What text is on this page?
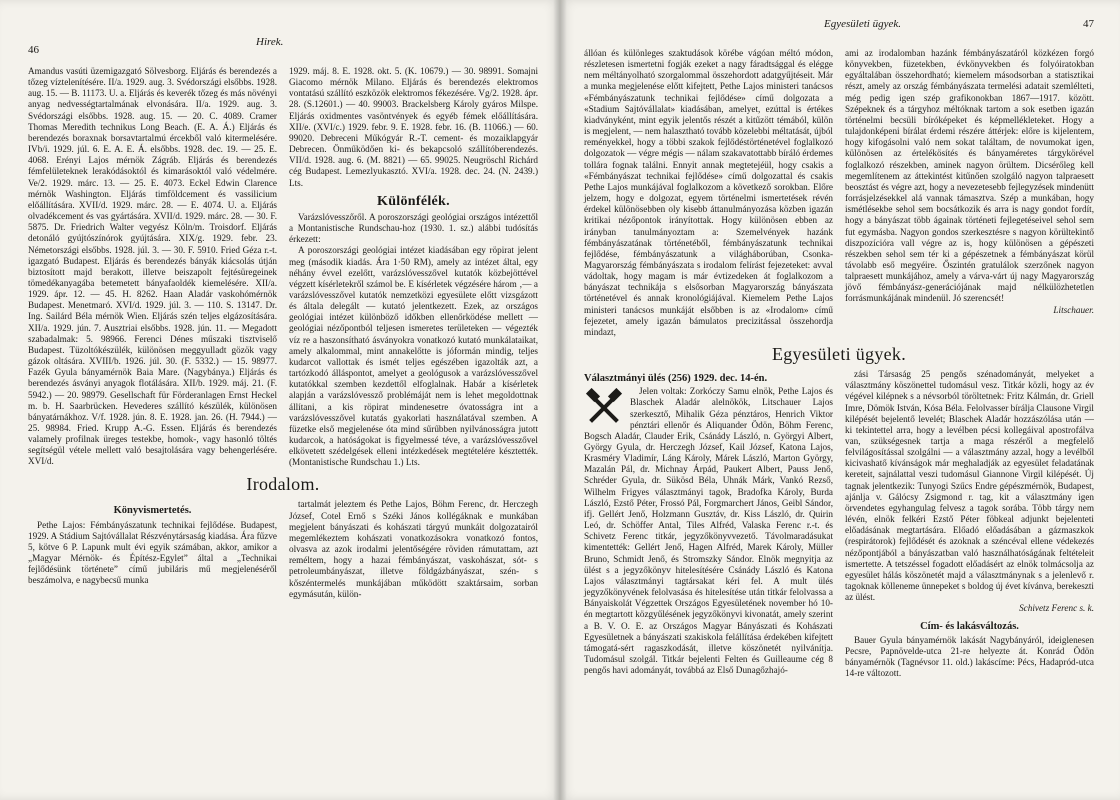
46
Hirek.

Amandus vasúti üzemigazgató Sölvesborg. Eljárás és berendezés a tőzeg víztelenítésére. II/a. 1929. aug. 3. Svédországi elsőbbs. 1928. aug. 15. — B. 11173. U. a. Eljárás és keverék tőzeg és más növényi anyag nedvességtartalmának elvonására. II/a. 1929. aug. 3. Svédországi elsőbbs. 1928. aug. 15. — 20. C. 4089. Cramer Thomas Meredith technikus Long Beach. (E. A. Á.) Eljárás és berendezés boraxnak borsavtartalmú ércekből való kitermelésére. IVb/i. 1929. júl. 6. E. A. E. Á. elsőbbs. 1928. dec. 19. — 25. E. 4068. Erényi Lajos mérnök Zágráb. Eljárás és berendezés fémfelületeknek lerakódásoktól és kimarásoktól való védelmére. Ve/2. 1929. márc. 13. — 25. E. 4073. Eckel Edwin Clarence mérnök Washington. Eljárás timföldcement és vassilicium előállítására. XVII/d. 1929. márc. 28. — E. 4074. U. a. Eljárás olvadékcement és vas gyártására. XVII/d. 1929. márc. 28. — 30. F. 5875. Dr. Friedrich Walter vegyész Köln/m. Troisdorf. Eljárás detonáló gyújtószínórok gyújtására. XIX/g. 1929. febr. 23. Németországi elsőbbs. 1928. júl. 3. — 30. F. 5910. Fried Géza r.-t. igazgató Budapest. Eljárás és berendezés bányák kiácsolás útján biztosított majd berakott, illetve beiszapolt fejtésüregeinek tömedékanyagába betemetett bányafaoldék kiemelésére. XII/a. 1929. ápr. 12. — 45. H. 8262. Haan Aladár vaskohómérnök Budapest. Menetmaró. XVI/d. 1929. júl. 3. — 110. S. 13147. Dr. Ing. Sailárd Béla mérnök Wien. Eljárás szén teljes elgázosítására. XII/a. 1929. jún. 7. Ausztriai elsőbbs. 1928. jún. 11. — Megadott szabadalmak: 5. 98966. Ferenci Dénes műszaki tisztviselő Budapest. Tüzoltókészülék, különösen meggyulladt gözök vagy gázok oltására. XVIII/b. 1926. júl. 30. (F. 5332.) — 15. 98977. Fazék Gyula bányamérnök Baia Mare. (Nagybánya.) Eljárás és berendezés ásványi anyagok flotálására. XII/b. 1929. máj. 21. (F. 5942.) — 20. 98979. Gesellschaft für Förderanlagen Ernst Heckel m. b. H. Saarbrücken. Hevederes szállító készülék, különösen bányatárnákhoz. V/f. 1928. jún. 8. E. 1928. jan. 26. (H. 7944.) — 25. 98984. Fried. Krupp A.-G. Essen. Eljárás és berendezés valamely profilnak üreges testekbe, homok-, vagy hasonló töltés segítségül vétele mellett való besajtolására vagy behengerlésére. XVI/d.

1929. máj. 8. E. 1928. okt. 5. (K. 10679.) — 30. 98991. Somajni Giacomo mérnök Milano. Eljárás és berendezés elektromos vontatású szállító eszközök elektromos fékezésére. Vg/2. 1928. ápr. 28. (S.12601.) — 40. 99003. Brackelsberg Károly gyáros Milspe. Eljárás oxidmentes vasöntvények és egyéb fémek előállítására. XII/e. (XVI/c.) 1929. febr. 9. E. 1928. febr. 16. (B. 11066.) — 60. 99020. Debreceni Műkógyár R.-T. cement- és mozaiklapgyár Debrecen. Önműködően ki- és bekapcsoló szállítóberendezés. VII/d. 1928. aug. 6. (M. 8821) — 65. 99025. Neugröschl Richárd cég Budapest. Lemezlyukasztó. XVI/a. 1928. dec. 24. (N. 2439.) Lts.

Különfélék.

Varázslóvesszőről. A poroszországi geológiai országos intézettől a Montanistische Rundschau-hoz (1930. 1. sz.) alábbi tudósítás érkezett:

A poroszországi geológiai intézet kiadásában egy röpirat jelent meg (második kiadás. Ára 1·50 RM), amely az intézet által, egy néhány évvel ezelőtt, varázslóvesszővel kutatók közbejöttével végzett kísérletekről számol be. E kísérletek végzésére három ‚— a varázslóvesszővel kutatók nemzetközi egyesülete előtt vizsgázott és általa delegált — kutató jelentkezett. Ezek, az országos geológiai intézet különböző időkben ellenőrködése mellett — geológiai nézőpontból teljesen ismeretes területeken — végezték víz re a haszonsítható ásványokra vonatkozó kutató munkálataikat, amely alkalommal, mint annakelőtte is jóformán mindig, teljes kudarcot vallottak és ismét teljes egészében igazolták azt, a tartózkodó álláspontot, amelyet a geológusok a varázslóvesszővel kutatókkal szemben kezdettől elfoglalnak. Habár a kísérletek alapján a varázslóvessző problémáját nem is lehet megoldottnak állítani, a kis röpirat mindenesetre óvatosságra int a varázslóvesszővel kutatás gyakorlati használatával szemben. A füzetke első megjelenése óta mind sűrűbben nyilvánosságra jutott kudarcok, a hatóságokat is figyelmessé téve, a varázslóvesszővel elkövetett szédelgések elleni intézkedések megtételére késztették. (Montanistische Rundschau 1.) Lts.

Irodalom.
Könyvismertetés.

Pethe Lajos: Fémbányászatunk technikai fejlődése. Budapest, 1929. A Stádium Sajtóvállalat Részvénytársaság kiadása. Ára fűzve 5, kötve 6 P. Lapunk mult évi egyik számában, akkor, amikor a „Magyar Mérnök- és Építész-Egylet” által a „Technikai fejlődésünk története” című jubiláris mű megjelenéséről beszámolva, e nagybecsű munka

tartalmát jeleztem és Pethe Lajos, Böhm Ferenc, dr. Herczegh József, Cotel Ernő s Széki János kollégáknak e munkában megjelent bányászati és kohászati tárgyú munkáit dolgozatairól megemlékeztem kohászati vonatkozásokra vonatkozó fontos, olvasva az azok irodalmi jelentőségére röviden rámutattam, azt reméltem, hogy a hazai fémbányászat, vaskohászat, sót- s petroleumbányászat, illetve földgázbányászat, szén- s kőszéntermelés munkájában működött szaktársaim, sorban egymásután, külön-

Egyesületi ügyek.	47

állóan és különleges szaktudások körébe vágóan méltó módon, részletesen ismertetni fogják ezeket a nagy fáradtsággal és elégge nem méltányolható szorgalommal összehordott adatgyűjtéseit. Már a munka megjelenése előtt kifejtett, Pethe Lajos ministeri tanácsos «Fémbányászatunk technikai fejlődése» című dolgozata a «Stadium Sajtóvállalat» kiadásában, amelyet, ezúttal is értékes kiadványként, mint egyik jelentős részét a kitűzött témából, külön is megjelent, — nem halasztható tovább közelebbi méltatását, újból reményekkel, hogy a többi szakok fejlődéstörténetével foglalkozó dolgozatok — végre mégis — nálam szakavatottabb bíráló érdemes tollára fognak találni. Ennyit annak megtetejéül, hogy csakis a «Fémbányászat technikai fejlődése» című dolgozattal és csakis Pethe Lajos munkájával foglalkozom a következő sorokban. Előre jelzem, hogy e dolgozat, egyem történelmi ismertetések révén érdekel különösebben oly kisebb áttanulmányozása közben igazán kritikai nézőpontok irányítottak. Hogy különösen ebben az irányban tanulmányoztam a: Szemelvények hazánk fémbányászatának történetéből, fémbányászatunk technikai fejlődése, fémbányászatunk a világháborúban, Csonka-Magyarország fémbányászata s irodalom felírást fejezeteket: avval vádoltak, hogy magam is már évtizedeken át foglalkozom a bányászat technikája s elsősorban Magyarország bányászata történetével és annak kronológiájával. Kiemelem Pethe Lajos ministeri tanácsos munkáját elsőbben is az «Irodalom» című fejezetet, amely igazán bámulatos precizitással összehordja mindazt,

ami az irodalomban hazánk fémbányászatáról közkézen forgó könyvekben, füzetekben, évkönyvekben és folyóiratokban egyáltalában összehordható; kiemelem másodsorban a statisztikai részt, amely az ország fémbányászata termelési adatait szemlélteti, még pedig igen szép grafikonokban 1867—1917. között. Szépeknek és a tárgyhoz méltóknak tartom a sok esetben igazán történelmi becsüli bíróképeket és képmellékleteket. Hogy a tulajdonképeni bírálat érdemi részére áttérjek: előre is kijelentem, hogy kifogásolni való nem sokat találtam, de novumokat igen, különösen az értelékösítés és bányaméretes tárgykörével foglalkozó részekben, aminek nagyon örültem. Dicsérőleg kell megemlítenem az áttekintést kitűnően szolgáló nagyon talpraesett beosztást és végre azt, hogy a nevezetesebb fejlegyzések mindenütt forrásjelzésekkel alá vannak támasztva. Szép a munkában, hogy ismétlésekbe sehol sem bocsátkozik és arra is nagy gondot fordít, hogy a bányászat több ágainak történeti fejlegetéseivel sehol sem fut egymásba. Nagyon gondos szerkesztésre s nagyon körültekintő diszpozícióra vall végre az is, hogy különösen a gépészeti részekben sehol sem tér ki a gépészetnek a fémbányászat körül távolabb eső megyéire. Őszintén gratulálok szerzőnek nagyon talpraesett munkájához, amely a várva-várt új nagy Magyarország jövő fémbányász-generációjának majd nélkülözhetetlen forrásmunkájának mindenül. Jó szerencsét!

Litschauer.

Egyesületi ügyek.
Választmányi ülés (256) 1929. dec. 14-én.

Jelen voltak: Zorkóczy Samu elnök, Pethe Lajos és Blaschek Aladár alelnökök, Litschauer Lajos szerkesztő, Mihalik Géza pénztáros, Henrich Viktor pénztári ellenőr és Aliquander Ödön, Böhm Ferenc, Bogsch Aladár, Clauder Erik, Csánády László, n. Györgyi Albert, György Gyula, dr. Herczegh József, Kail József, Katona Lajos, Krasméry Vladimír, Láng Károly, Márek László, Marton György, Mazalán Pál, dr. Michnay Árpád, Paukert Albert, Pauss Jenő, Schréder Gyula, dr. Sükösd Béla, Uhnák Márk, Vankó Rezső, Wilhelm Frigyes választmányi tagok, Bradofka Károly, Burda László, Ezstő Péter, Frossó Pál, Forgmarchert János, Geibl Sándor, ifj. Gellért Jenő, Holzmann Gusztáv, dr. Kiss László, dr. Quirin Leó, dr. Schöffer Antal, Tiles Alfréd, Valaska Ferenc r.-t. és Schivetz Ferenc titkár, jegyzőkönyvvezető. Távolmaradásukat kimentették: Gellért Jenő, Hagen Alfréd, Marek Károly, Müller Bruno, Schmidt Jenő, és Stromszky Sándor. Elnök megnyitja az ülést s a jegyzőkönyv hitelesítésére Csánády László és Katona Lajos választmányi tagtársakat kéri fel. A mult ülés jegyzőkönyvének felolvasása és hitelesítése után titkár felolvassa a Bányaiskolát Végzettek Országos Egyesületének november hó 10-én megtartott közgyűlésének jegyzőkönyvi kivonatát, amely szerint a B. V. O. E. az Országos Magyar Bányászati és Kohászati Egyesületnek a bányászati szakiskola felállítása érdekében kifejtett támogatá-sért ragaszkodását, illetve köszönetét nyilvánítja. Tudomásul szolgál. Titkár bejelenti Felten és Guilleaume cég 8 pengős havi adományát, továbbá az Első Dunagőzhajó-

zási Társaság 25 pengős szénadományát, melyeket a választmány köszönettel tudomásul vesz. Titkár közli, hogy az év végével kilépnek s a névsorból töröltetnek: Fritz Kálmán, dr. Griell Imre, Dömök István, Kósa Béla. Felolvasser bírálja Clausone Virgil kilépését bejelentő levelét; Blaschek Aladár hozzászólása után — ki tekintettel arra, hogy a levélben pécsi kollegáival apostrofálva van, szükségesnek tartja a maga részéről a megfelelő felvilágosítással szolgálni — a választmány azzal, hogy a levélből kicivashatő kívánságok már meghaladják az egyesület feladatának kereteit, sajnálattal veszi tudomásul Giannone Virgil kilépését. Új tagnak jelentkezik: Tunyogi Szűcs Endre gépészmérnök, Budapest, ajánlja v. Gálócsy Zsigmond r. tag, kit a választmány igen örvendetes egyhangulag felvesz a tagok sorába. Több tárgy nem lévén, elnök felkéri Ezstő Péter föbkeal adjunkt bejelenteti előadásának megtartására. Előadó előadásában a gázmaszkok (respirátorok) fejlődését és azoknak a széncéval ellene védekezés nézőpontjából a bányászatban való használhatóságának feltételeit ismertette. A tetszéssel fogadott előadásért az elnök tolmácsolja az egyesület hálás köszönetét majd a választmánynak s a jelenlevő r. tagoknak kölleneme ünnepeket s boldog új évet kívánva, berekeszti az ülést.

Schivetz Ferenc s. k.

Cím- és lakásváltozás.

Bauer Gyula bányamérnök lakását Nagybányáról, ideiglenesen Pecsre, Papnövelde-utca 21-re helyezte át. Konrád Ödön bányamérnök (Tagnévsor 11. old.) lakáscíme: Pécs, Hadapród-utca 14-re változott.
